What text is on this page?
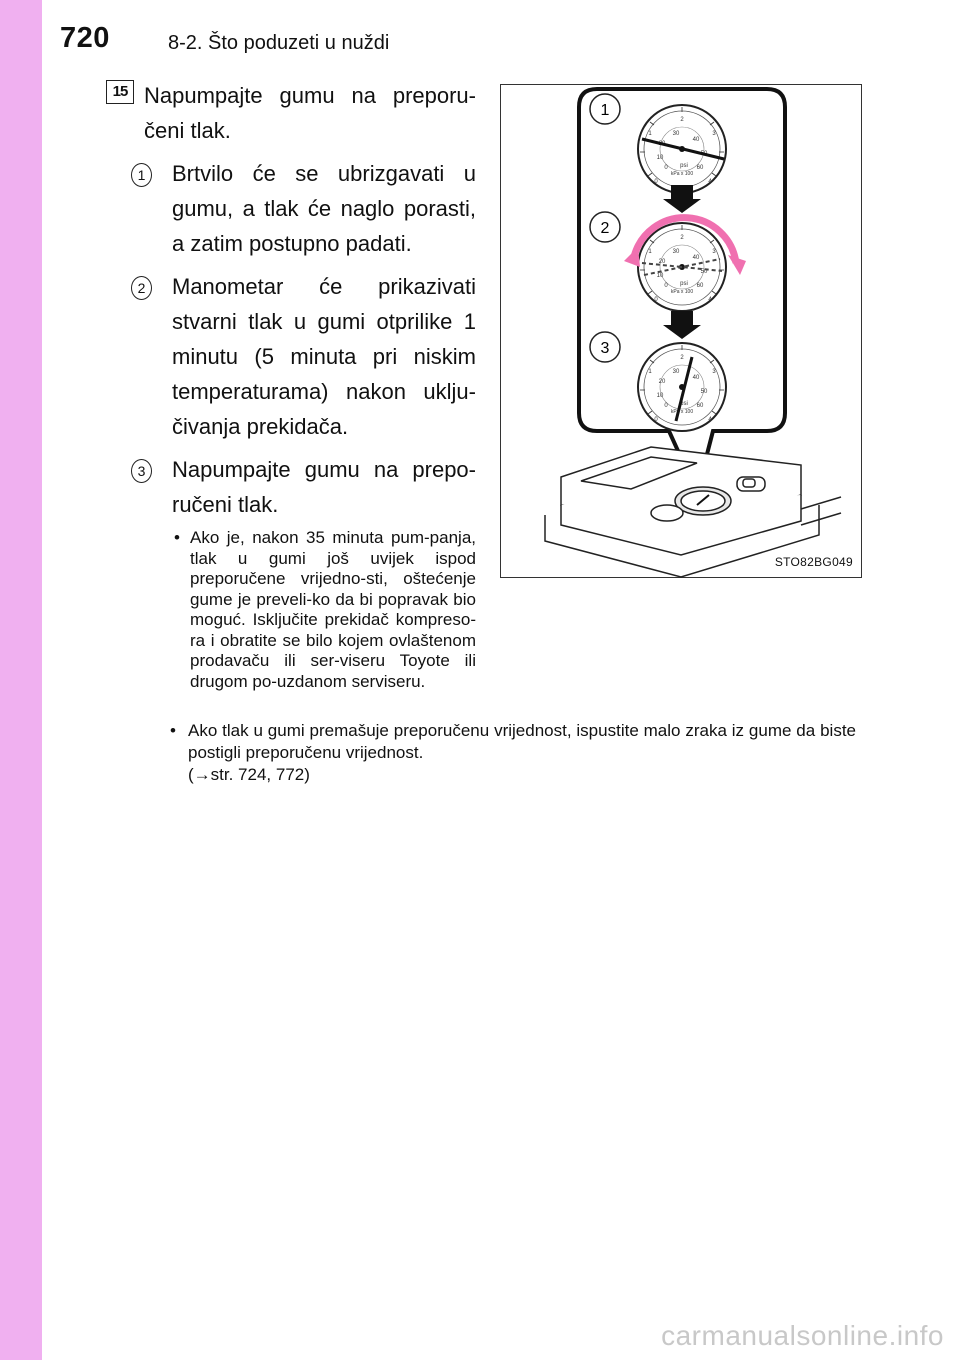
720	8-2. Što poduzeti u nuždi
15 Napumpajte gumu na preporu-čeni tlak.

1	Brtvilo će se ubrizgavati u gumu, a tlak će naglo porasti, a zatim postupno padati.

2	Manometar će prikazivati stvarni tlak u gumi otprilike 1 minutu (5 minuta pri niskim temperaturama) nakon uklju-čivanja prekidača.

3	Napumpajte gumu na prepo-ručeni tlak.

• Ako je, nakon 35 minuta pum-panja, tlak u gumi još uvijek ispod preporučene vrijedno-sti, oštećenje gume je preveli-ko da bi popravak bio moguć. Isključite prekidač kompreso-ra i obratite se bilo kojem ovlaštenom prodavaču ili ser-viseru Toyote ili drugom po-uzdanom serviseru.
• Ako tlak u gumi premašuje preporučenu vrijednost, ispustite malo zraka iz gume da biste postigli preporučenu vrijednost.
(→str. 724, 772)
0
10
20
30
40
50
60
psi
kPa x 100
0
1
2
3
4	1
2
3
STO82BG049
carmanualsonline.info
